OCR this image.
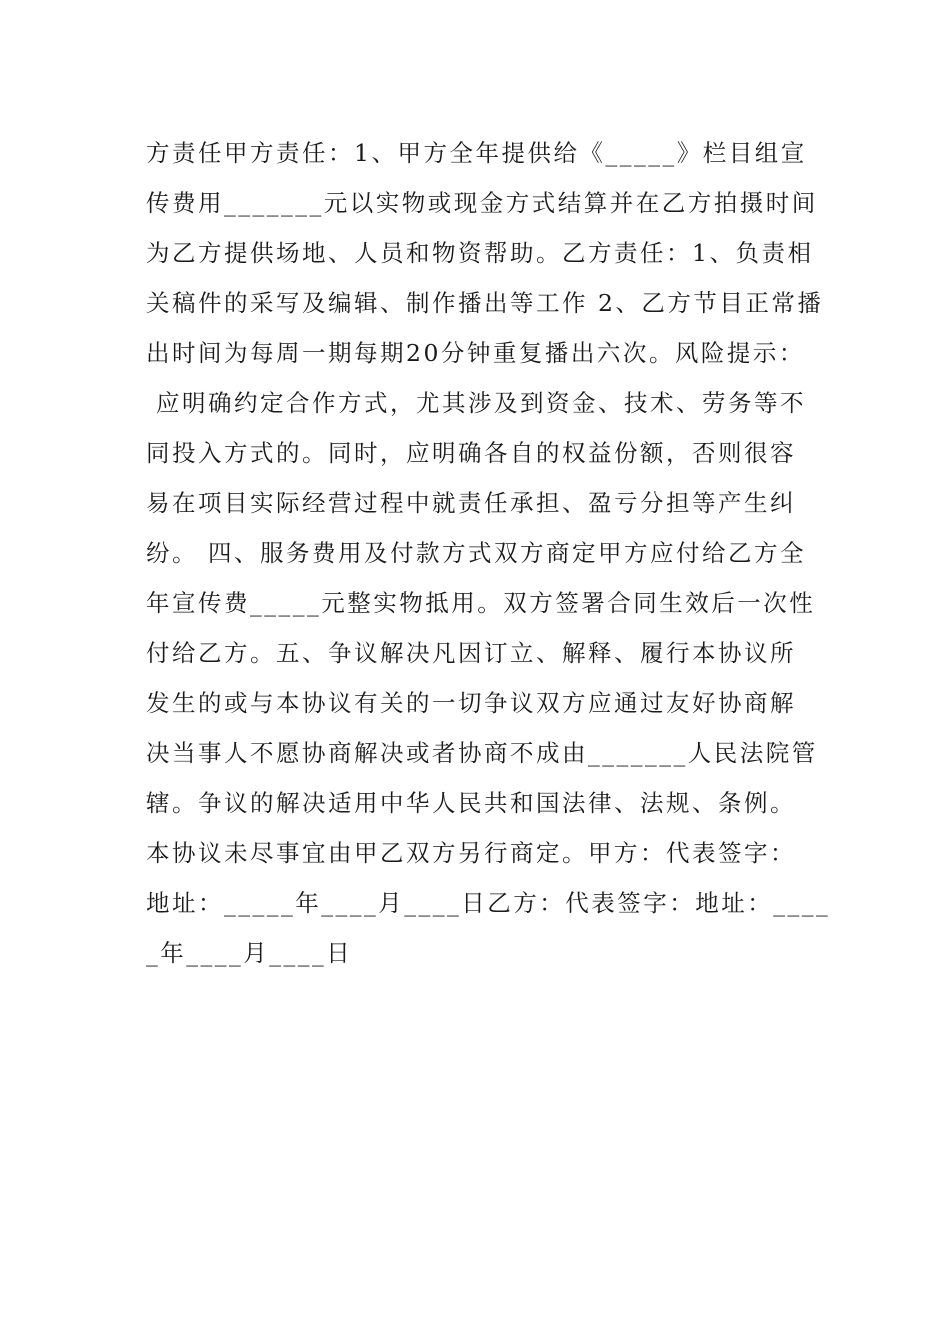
方责任甲方责任：1、甲方全年提供给《_____》栏目组宣
传费用_______元以实物或现金方式结算并在乙方拍摄时间
为乙方提供场地、人员和物资帮助。乙方责任：1、负责相
关稿件的采写及编辑、制作播出等工作 2、乙方节目正常播
出时间为每周一期每期20分钟重复播出六次。风险提示：
应明确约定合作方式，尤其涉及到资金、技术、劳务等不
同投入方式的。同时，应明确各自的权益份额，否则很容
易在项目实际经营过程中就责任承担、盈亏分担等产生纠
纷。 四、服务费用及付款方式双方商定甲方应付给乙方全
年宣传费_____元整实物抵用。双方签署合同生效后一次性
付给乙方。五、争议解决凡因订立、解释、履行本协议所
发生的或与本协议有关的一切争议双方应通过友好协商解
决当事人不愿协商解决或者协商不成由_______人民法院管
辖。争议的解决适用中华人民共和国法律、法规、条例。
本协议未尽事宜由甲乙双方另行商定。甲方：代表签字：
地址：_____年____月____日乙方：代表签字：地址：____
_年____月____日
